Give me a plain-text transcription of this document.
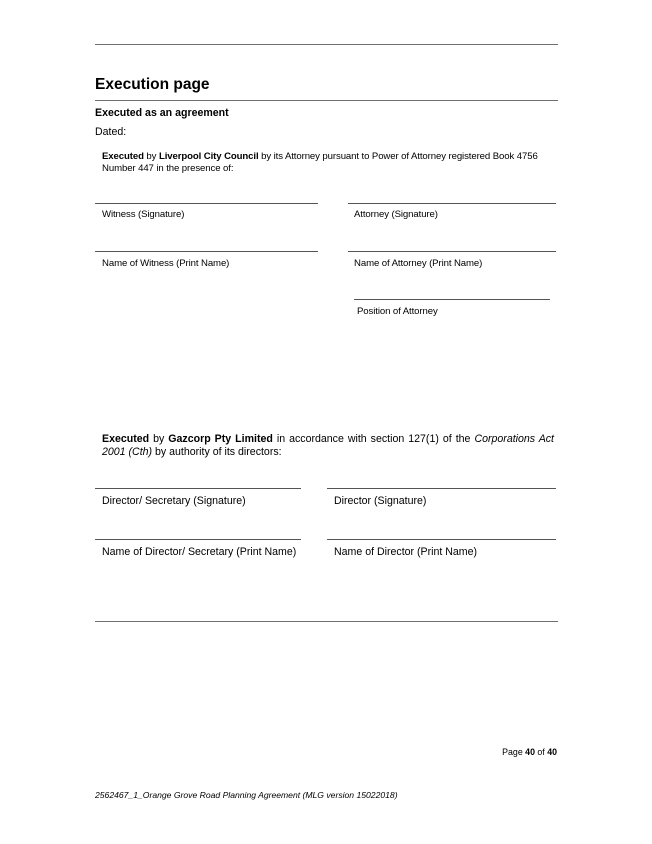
Execution page
Executed as an agreement
Dated:
Executed by Liverpool City Council by its Attorney pursuant to Power of Attorney registered Book 4756 Number 447 in the presence of:
Witness (Signature)	Attorney (Signature)
Name of Witness (Print Name)	Name of Attorney (Print Name)
Position of Attorney
Executed by Gazcorp Pty Limited in accordance with section 127(1) of the Corporations Act 2001 (Cth) by authority of its directors:
Director/ Secretary (Signature)	Director (Signature)
Name of Director/ Secretary (Print Name)	Name of Director (Print Name)
Page 40 of 40
2562467_1_Orange Grove Road Planning Agreement (MLG version 15022018)
